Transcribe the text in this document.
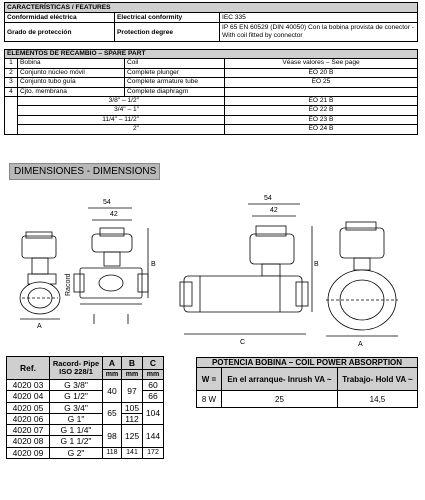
CARACTERÍSTICAS / FEATURES		
Conformidad eléctrica	Electrical conformity	IEC 335
Grado de protección	Protection degree	IP 65 EN 60529 (DIN 40050) Con la bobina provista de conector - With coil fitted by connector
ELEMENTOS DE RECAMBIO – SPARE PART			
1	Bobina	Coil	Véase valores – See page
2	Conjunto núcleo móvil	Complete plunger	EO 20 B
3	Conjunto tubo guía	Complete armature tube	EO 25
4	Cjto. membrana	Complete diaphragm	
	3/8" – 1/2"		EO 21 B
	3/4" – 1"		EO 22 B
	11/4" – 11/2"		EO 23 B
	2"		EO 24 B
DIMENSIONES - DIMENSIONS
A
B
54
42
Racord
C
54
42
B
A
Ref.	Racord- Pipe ISO 228/1	A	B	C
		mm	mm	mm
4020 03	G 3/8"	40	97	60
4020 04	G 1/2"			66
4020 05	G 3/4"	65	105	104
4020 06	G 1"		112	
4020 07	G 1 1/4"	98	125	144
4020 08	G 1 1/2"			
4020 09	G 2"	118	141	172
POTENCIA BOBINA – COIL POWER ABSORPTION		
W =	En el arranque- Inrush VA ~	Trabajo- Hold VA ~
8 W	25	14,5
